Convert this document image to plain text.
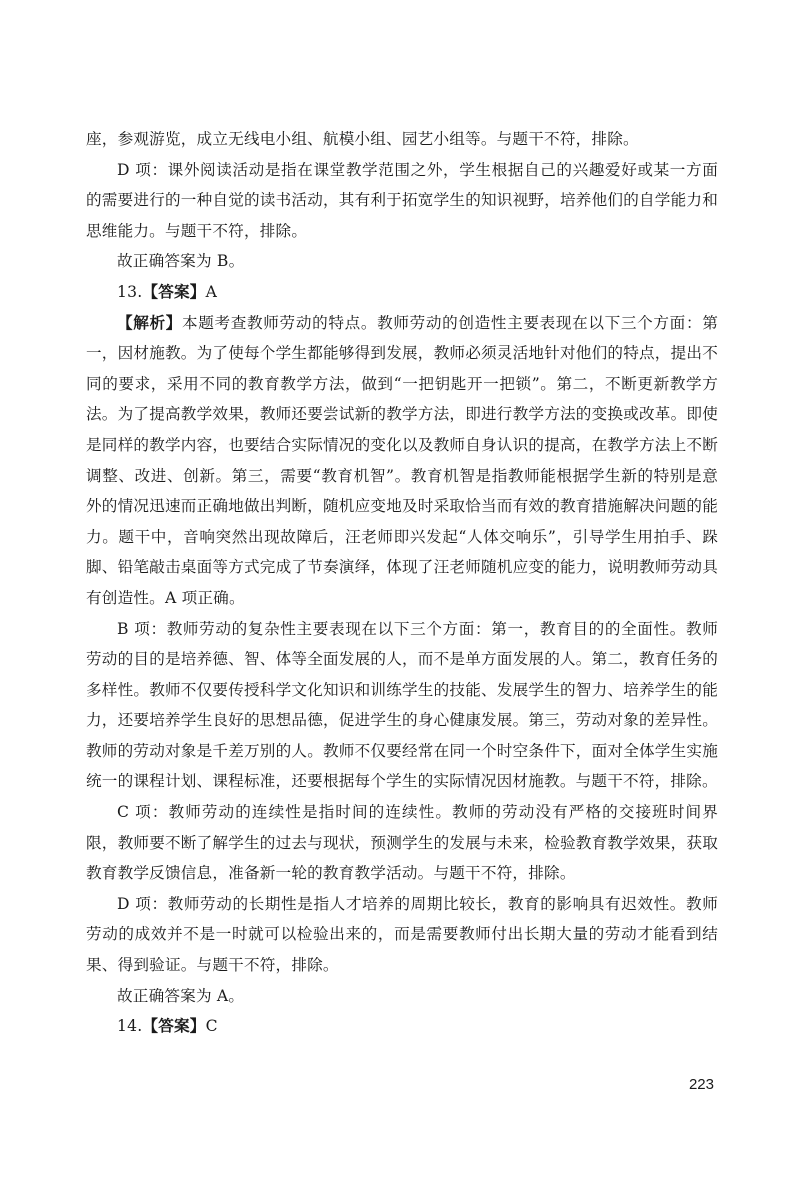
座，参观游览，成立无线电小组、航模小组、园艺小组等。与题干不符，排除。

D 项：课外阅读活动是指在课堂教学范围之外，学生根据自己的兴趣爱好或某一方面的需要进行的一种自觉的读书活动，其有利于拓宽学生的知识视野，培养他们的自学能力和思维能力。与题干不符，排除。

故正确答案为 B。

13.【答案】A

【解析】本题考查教师劳动的特点。教师劳动的创造性主要表现在以下三个方面：第一，因材施教。为了使每个学生都能够得到发展，教师必须灵活地针对他们的特点，提出不同的要求，采用不同的教育教学方法，做到“一把钥匙开一把锁”。第二，不断更新教学方法。为了提高教学效果，教师还要尝试新的教学方法，即进行教学方法的变换或改革。即使是同样的教学内容，也要结合实际情况的变化以及教师自身认识的提高，在教学方法上不断调整、改进、创新。第三，需要“教育机智”。教育机智是指教师能根据学生新的特别是意外的情况迅速而正确地做出判断，随机应变地及时采取恰当而有效的教育措施解决问题的能力。题干中，音响突然出现故障后，汪老师即兴发起“人体交响乐”，引导学生用拍手、跺脚、铅笔敲击桌面等方式完成了节奏演绎，体现了汪老师随机应变的能力，说明教师劳动具有创造性。A 项正确。

B 项：教师劳动的复杂性主要表现在以下三个方面：第一，教育目的的全面性。教师劳动的目的是培养德、智、体等全面发展的人，而不是单方面发展的人。第二，教育任务的多样性。教师不仅要传授科学文化知识和训练学生的技能、发展学生的智力、培养学生的能力，还要培养学生良好的思想品德，促进学生的身心健康发展。第三，劳动对象的差异性。教师的劳动对象是千差万别的人。教师不仅要经常在同一个时空条件下，面对全体学生实施统一的课程计划、课程标准，还要根据每个学生的实际情况因材施教。与题干不符，排除。

C 项：教师劳动的连续性是指时间的连续性。教师的劳动没有严格的交接班时间界限，教师要不断了解学生的过去与现状，预测学生的发展与未来，检验教育教学效果，获取教育教学反馈信息，准备新一轮的教育教学活动。与题干不符，排除。

D 项：教师劳动的长期性是指人才培养的周期比较长，教育的影响具有迟效性。教师劳动的成效并不是一时就可以检验出来的，而是需要教师付出长期大量的劳动才能看到结果、得到验证。与题干不符，排除。

故正确答案为 A。

14.【答案】C

223
